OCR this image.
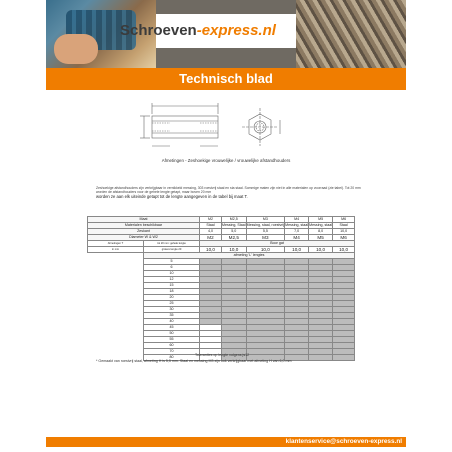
Schroeven-express.nl
Technisch blad
Afmetingen - Zeshoekige vrouwelijke / vrouwelijke afstandhouders
Zeshoekige afstandhouders zijn verkrijgbaar in vernikkeld messing, 303 roestvrij staal en sta staal. Sommige maten zijn niet in alle materialen op voorraad (zie tabel). Tot 20 mm worden de afstandhouders voor de gehele lengte getapt, maar boven 20 mm
worden ze aan elk uiteinde getapt tot de lengte aangegeven in de tabel bij maat T.
Maat		M2	M2,5	M3	M4	M5	M6
Materialen beschikbaar		Staal	Messing, Staal	Messing, staal, roestvrij	Messing, staal	Messing, staal	Staal
Zeskant		4,0	5,0	5,5	7,0	8,0	10,0
Diameter W & W2		M2	M2,5	M3	M4	M5	M6
Afmetingen T	tot 20 mm: gehele lengte	Boor gat					
in mm	grotere lengte 20	10,0	10,0	10,0	10,0	10,0	10,0
	afmeting 'L' lengtes						
	5						
	6						
	10						
	12						
	15						
	18						
	20						
	25						
	30						
	35						
	40						
	45						
	50						
	55						
	60						
	70						
	80							Toleranties op lengte volgens js12
* Gemaakt van roestvrij staal, afmeting H is 5,5 mm. Staal en messing M3 zijn ook verkrijgbaar met afmeting H van 6,0 mm
klantenservice@schroeven-express.nl
